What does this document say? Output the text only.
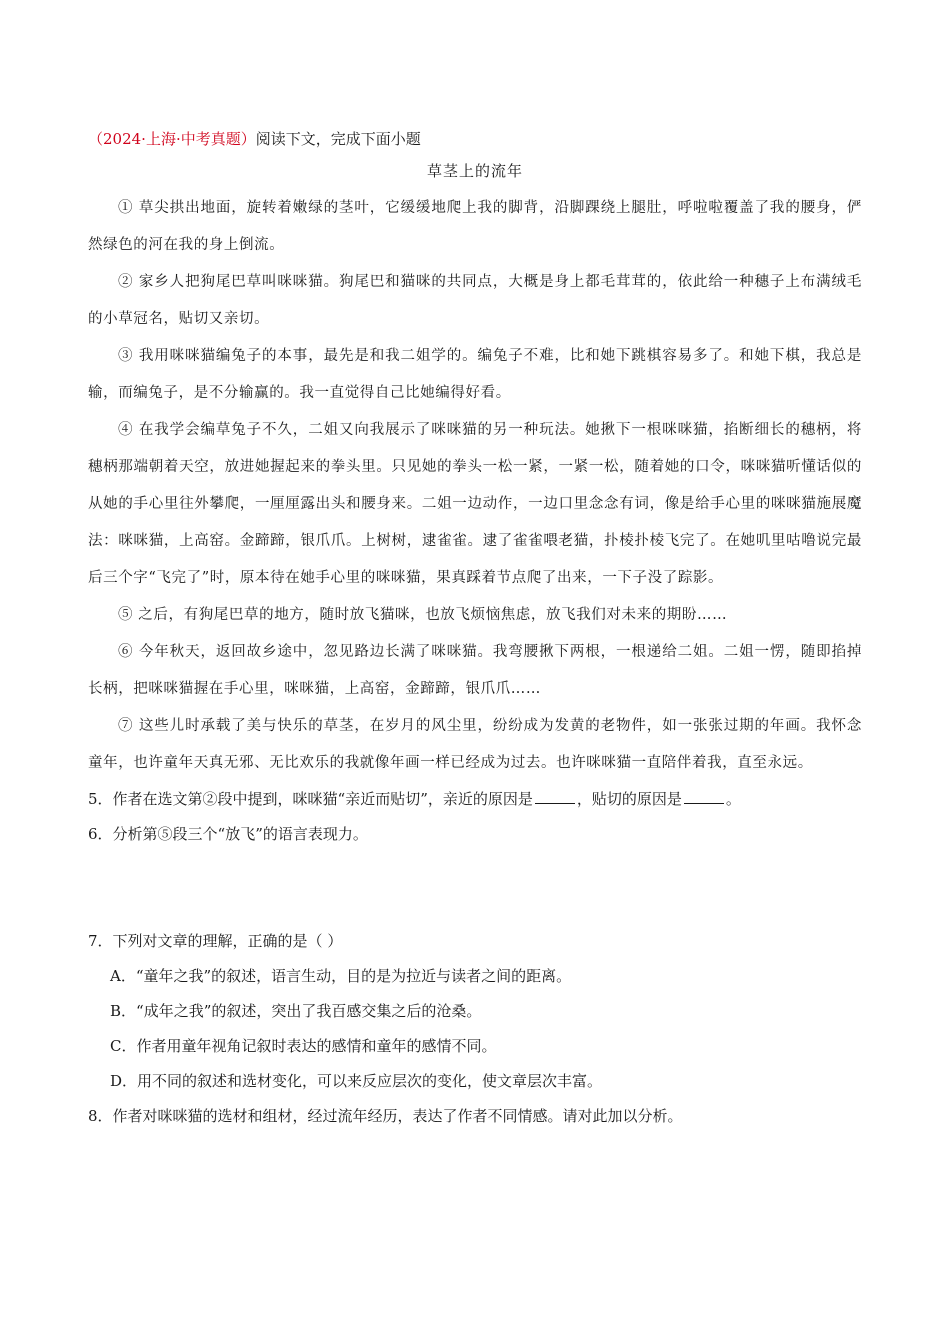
（2024·上海·中考真题）阅读下文，完成下面小题

草茎上的流年

① 草尖拱出地面，旋转着嫩绿的茎叶，它缓缓地爬上我的脚背，沿脚踝绕上腿肚，呼啦啦覆盖了我的腰身，俨然绿色的河在我的身上倒流。

② 家乡人把狗尾巴草叫咪咪猫。狗尾巴和猫咪的共同点，大概是身上都毛茸茸的，依此给一种穗子上布满绒毛的小草冠名，贴切又亲切。

③ 我用咪咪猫编兔子的本事，最先是和我二姐学的。编兔子不难，比和她下跳棋容易多了。和她下棋，我总是输，而编兔子，是不分输赢的。我一直觉得自己比她编得好看。

④ 在我学会编草兔子不久，二姐又向我展示了咪咪猫的另一种玩法。她揪下一根咪咪猫，掐断细长的穗柄，将穗柄那端朝着天空，放进她握起来的拳头里。只见她的拳头一松一紧，一紧一松，随着她的口令，咪咪猫听懂话似的从她的手心里往外攀爬，一厘厘露出头和腰身来。二姐一边动作，一边口里念念有词，像是给手心里的咪咪猫施展魔法：咪咪猫，上高窑。金蹄蹄，银爪爪。上树树，逮雀雀。逮了雀雀喂老猫，扑棱扑棱飞完了。在她叽里咕噜说完最后三个字“飞完了”时，原本待在她手心里的咪咪猫，果真踩着节点爬了出来，一下子没了踪影。

⑤ 之后，有狗尾巴草的地方，随时放飞猫咪，也放飞烦恼焦虑，放飞我们对未来的期盼……

⑥ 今年秋天，返回故乡途中，忽见路边长满了咪咪猫。我弯腰揪下两根，一根递给二姐。二姐一愣，随即掐掉长柄，把咪咪猫握在手心里，咪咪猫，上高窑，金蹄蹄，银爪爪……

⑦ 这些儿时承载了美与快乐的草茎，在岁月的风尘里，纷纷成为发黄的老物件，如一张张过期的年画。我怀念童年，也许童年天真无邪、无比欢乐的我就像年画一样已经成为过去。也许咪咪猫一直陪伴着我，直至永远。

5．作者在选文第②段中提到，咪咪猫“亲近而贴切”，亲近的原因是	，贴切的原因是	。

6．分析第⑤段三个“放飞”的语言表现力。

7．下列对文章的理解，正确的是（ ）

A．“童年之我”的叙述，语言生动，目的是为拉近与读者之间的距离。

B．“成年之我”的叙述，突出了我百感交集之后的沧桑。

C．作者用童年视角记叙时表达的感情和童年的感情不同。

D．用不同的叙述和选材变化，可以来反应层次的变化，使文章层次丰富。

8．作者对咪咪猫的选材和组材，经过流年经历，表达了作者不同情感。请对此加以分析。
